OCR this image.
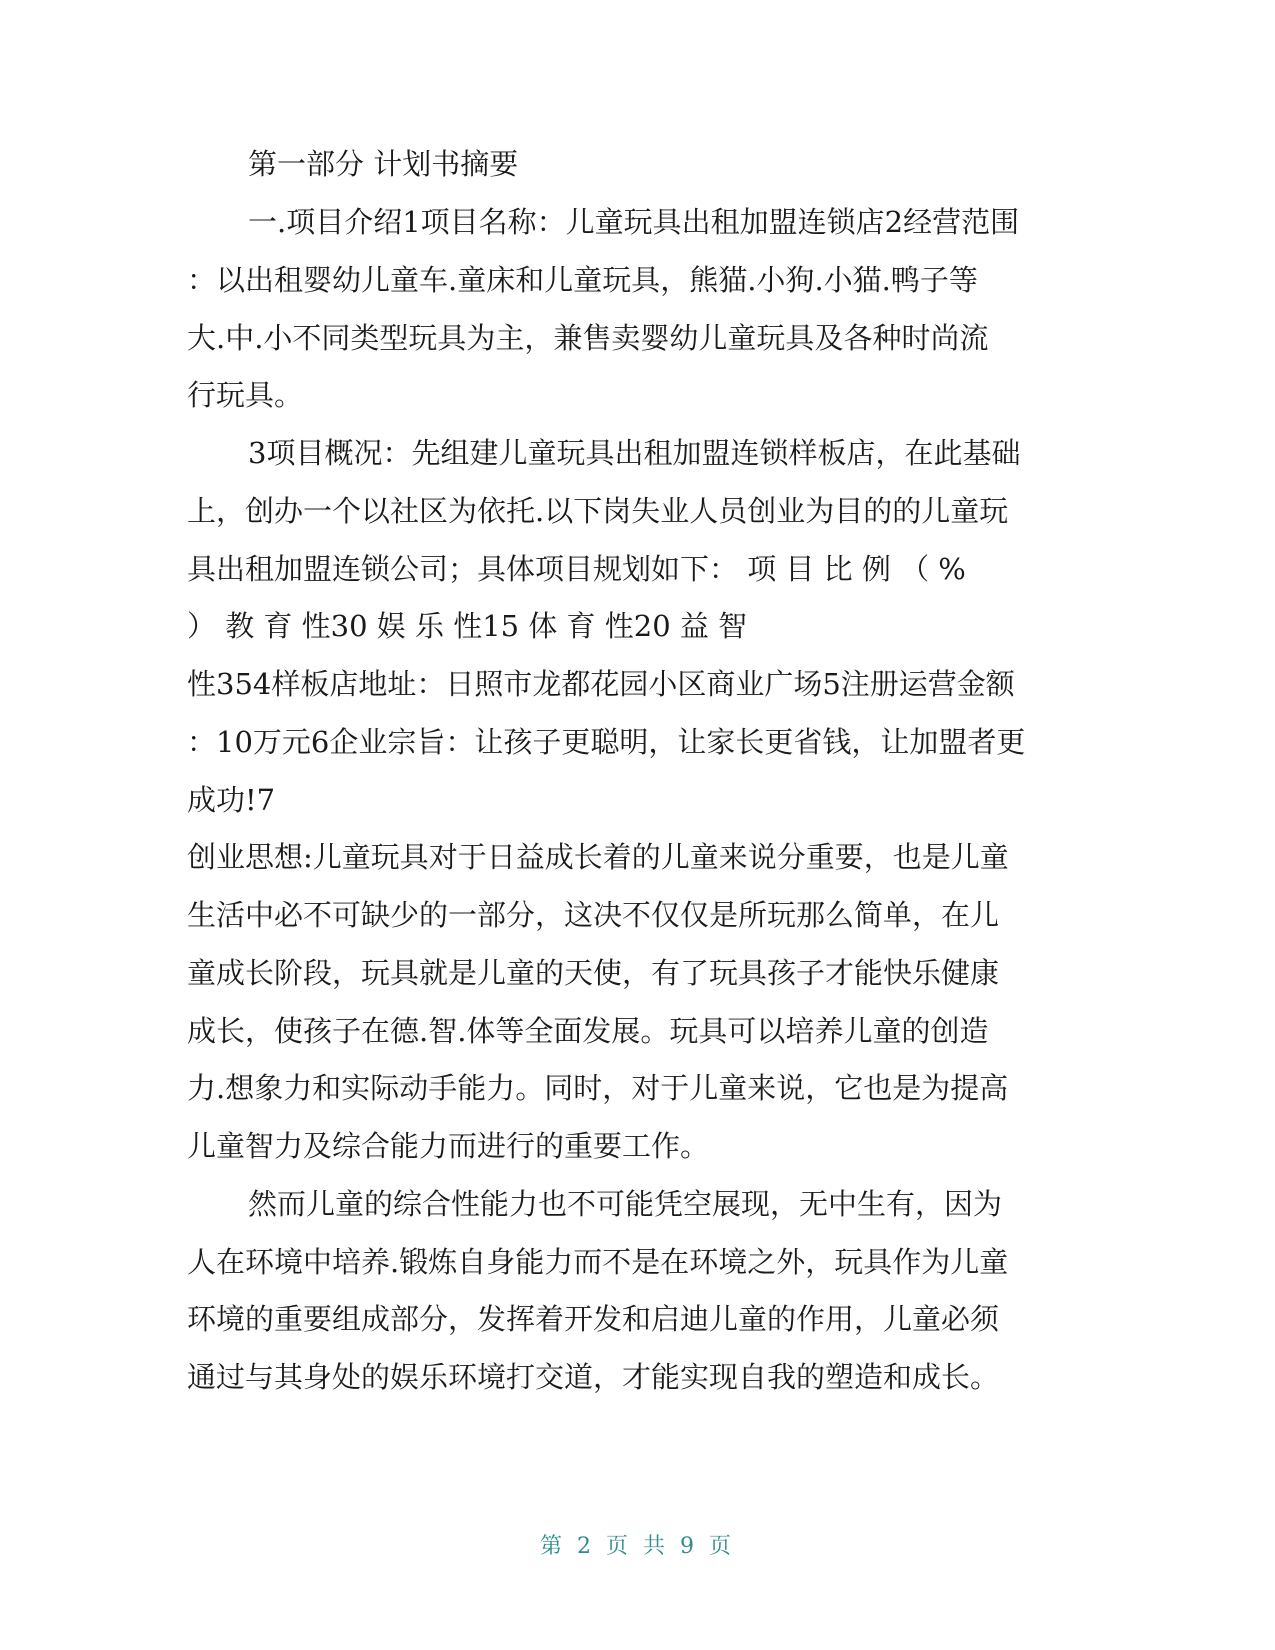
第一部分 计划书摘要
一.项目介绍1项目名称：儿童玩具出租加盟连锁店2经营范围
：以出租婴幼儿童车.童床和儿童玩具，熊猫.小狗.小猫.鸭子等
大.中.小不同类型玩具为主，兼售卖婴幼儿童玩具及各种时尚流
行玩具。
3项目概况：先组建儿童玩具出租加盟连锁样板店，在此基础
上，创办一个以社区为依托.以下岗失业人员创业为目的的儿童玩
具出租加盟连锁公司；具体项目规划如下： 项 目 比 例 （ %
） 教 育 性30 娱 乐 性15 体 育 性20 益 智
性354样板店地址：日照市龙都花园小区商业广场5注册运营金额
：10万元6企业宗旨：让孩子更聪明，让家长更省钱，让加盟者更
成功!7
创业思想:儿童玩具对于日益成长着的儿童来说分重要，也是儿童
生活中必不可缺少的一部分，这决不仅仅是所玩那么简单，在儿
童成长阶段，玩具就是儿童的天使，有了玩具孩子才能快乐健康
成长，使孩子在德.智.体等全面发展。玩具可以培养儿童的创造
力.想象力和实际动手能力。同时，对于儿童来说，它也是为提高
儿童智力及综合能力而进行的重要工作。
然而儿童的综合性能力也不可能凭空展现，无中生有，因为
人在环境中培养.锻炼自身能力而不是在环境之外，玩具作为儿童
环境的重要组成部分，发挥着开发和启迪儿童的作用，儿童必须
通过与其身处的娱乐环境打交道，才能实现自我的塑造和成长。
第 2 页 共 9 页
